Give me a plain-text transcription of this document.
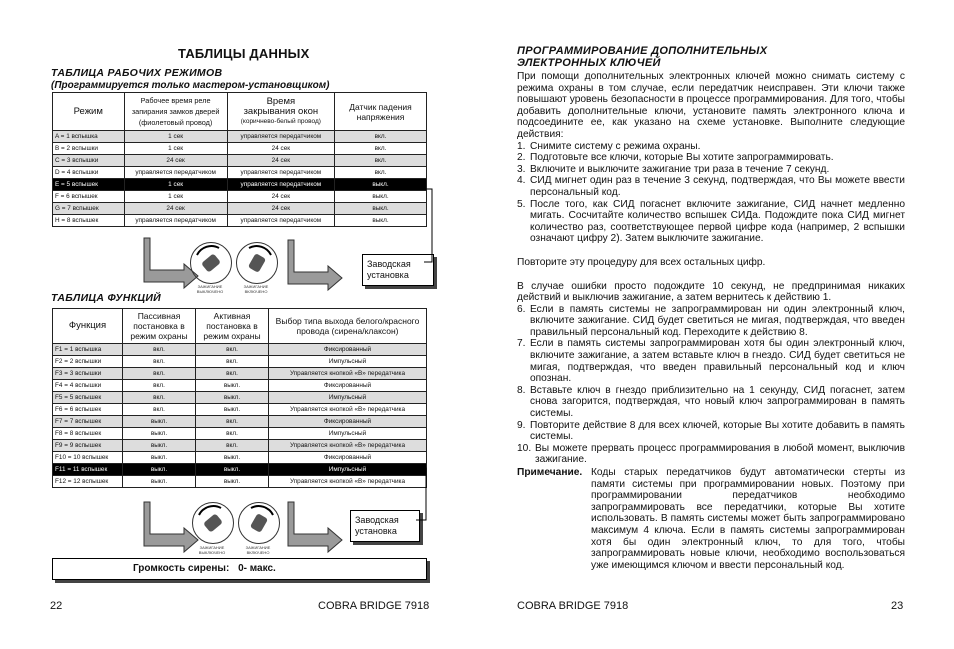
ТАБЛИЦЫ ДАННЫХ
ТАБЛИЦА РАБОЧИХ РЕЖИМОВ
(Программируется только мастером-установщиком)
Режим	Рабочее время реле запирания замков дверей (фиолетовый провод)	Время
закрывания окон
(коричнево-белый провод)	Датчик падения напряжения
A = 1 вспышка	1 сек	управляется передатчиком	вкл.
B = 2 вспышки	1 сек	24 сек	вкл.
C = 3 вспышки	24 сек	24 сек	вкл.
D = 4 вспышки	управляется передатчиком	управляется передатчиком	вкл.
E = 5 вспышек	1 сек	управляется передатчиком	выкл.
F = 6 вспышек	1 сек	24 сек	выкл.
G = 7 вспышек	24 сек	24 сек	выкл.
H = 8 вспышек	управляется передатчиком	управляется передатчиком	выкл.
ЗАЖИГАНИЕ ВЫКЛЮЧЕНО
ЗАЖИГАНИЕ ВКЛЮЧЕНО
Заводская установка
ТАБЛИЦА ФУНКЦИЙ
Функция	Пассивная постановка в режим охраны	Активная постановка в режим охраны	Выбор типа выхода белого/красного провода (сирена/клаксон)
F1 = 1 вспышка	вкл.	вкл.	Фиксированный
F2 = 2 вспышки	вкл.	вкл.	Импульсный
F3 = 3 вспышки	вкл.	вкл.	Управляется кнопкой «В» передатчика
F4 = 4 вспышки	вкл.	выкл.	Фиксированный
F5 = 5 вспышек	вкл.	выкл.	Импульсный
F6 = 6 вспышек	вкл.	выкл.	Управляется кнопкой «В» передатчика
F7 = 7 вспышек	выкл.	вкл.	Фиксированный
F8 = 8 вспышек	выкл.	вкл.	Импульсный
F9 = 9 вспышек	выкл.	вкл.	Управляется кнопкой «В» передатчика
F10 = 10 вспышек	выкл.	выкл.	Фиксированный
F11 = 11 вспышек	выкл.	выкл.	Импульсный
F12 = 12 вспышек	выкл.	выкл.	Управляется кнопкой «В» передатчика
ЗАЖИГАНИЕ ВЫКЛЮЧЕНО
ЗАЖИГАНИЕ ВКЛЮЧЕНО
Заводская установка
Громкость сирены: 0- макс.
22	COBRA BRIDGE 7918
ПРОГРАММИРОВАНИЕ ДОПОЛНИТЕЛЬНЫХ
ЭЛЕКТРОННЫХ КЛЮЧЕЙ

При помощи дополнительных электронных ключей можно снимать систему с режима охраны в том случае, если передатчик неисправен. Эти ключи также повышают уровень безопасности в процессе программирования. Для того, чтобы добавить дополнительные ключи, установите память электронного ключа и подсоедините ее, как указано на схеме установке. Выполните следующие действия:

1. Снимите систему с режима охраны.
2. Подготовьте все ключи, которые Вы хотите запрограммировать.
3. Включите и выключите зажигание три раза в течение 7 секунд.
4. СИД мигнет один раз в течение 3 секунд, подтверждая, что Вы можете ввести персональный код.
5. После того, как СИД погаснет включите зажигание, СИД начнет медленно мигать. Сосчитайте количество вспышек СИДа. Подождите пока СИД мигнет количество раз, соответствующее первой цифре кода (например, 2 вспышки означают цифру 2). Затем выключите зажигание.

Повторите эту процедуру для всех остальных цифр.

В случае ошибки просто подождите 10 секунд, не предпринимая никаких действий и выключив зажигание, а затем вернитесь к действию 1.

6. Если в память системы не запрограммирован ни один электронный ключ, включите зажигание. СИД будет светиться не мигая, подтверждая, что введен правильный персональный код. Переходите к действию 8.
7. Если в память системы запрограммирован хотя бы один электронный ключ, включите зажигание, а затем вставьте ключ в гнездо. СИД будет светиться не мигая, подтверждая, что введен правильный персональный код и ключ опознан.
8. Вставьте ключ в гнездо приблизительно на 1 секунду, СИД погаснет, затем снова загорится, подтверждая, что новый ключ запрограммирован в память системы.
9. Повторите действие 8 для всех ключей, которые Вы хотите добавить в память системы.
10. Вы можете прервать процесс программирования в любой момент, выключив зажигание.
Примечание. Коды старых передатчиков будут автоматически стерты из памяти системы при программировании новых. Поэтому при программировании передатчиков необходимо запрограммировать все передатчики, которые Вы хотите использовать. В память системы может быть запрограммировано максимум 4 ключа. Если в память системы запрограммирован хотя бы один электронный ключ, то для того, чтобы запрограммировать новые ключи, необходимо воспользоваться уже имеющимся ключом и ввести персональный код.
COBRA BRIDGE 7918	23
